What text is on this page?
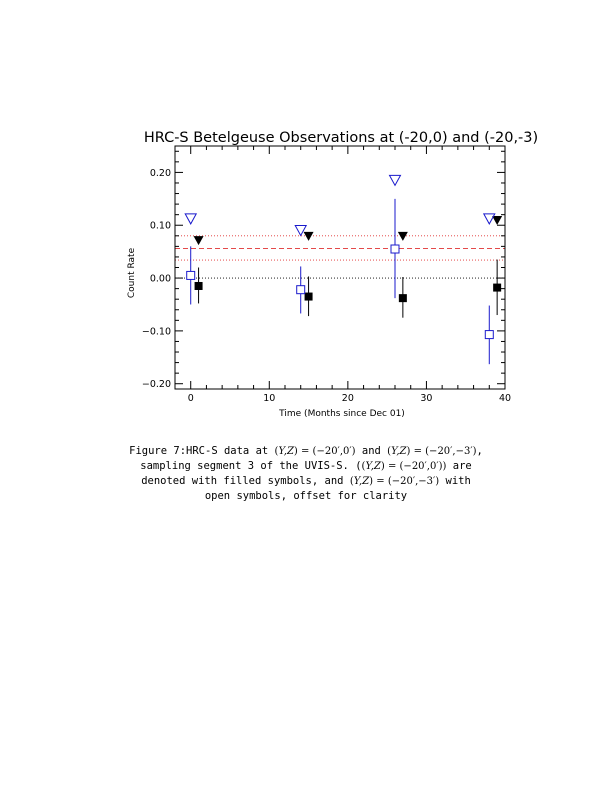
HRC-S Betelgeuse Observations at (-20,0) and (-20,-3)
Count Rate
Time (Months since Dec 01)
0	10	20	30	40
−0.20
−0.10
0.00
0.10
0.20
Figure 7:HRC-S data at (Y,Z) = (−20′,0′) and (Y,Z) = (−20′,−3′),
sampling segment 3 of the UVIS-S. ((Y,Z) = (−20′,0′)) are
denoted with filled symbols, and (Y,Z) = (−20′,−3′) with
open symbols, offset for clarity
